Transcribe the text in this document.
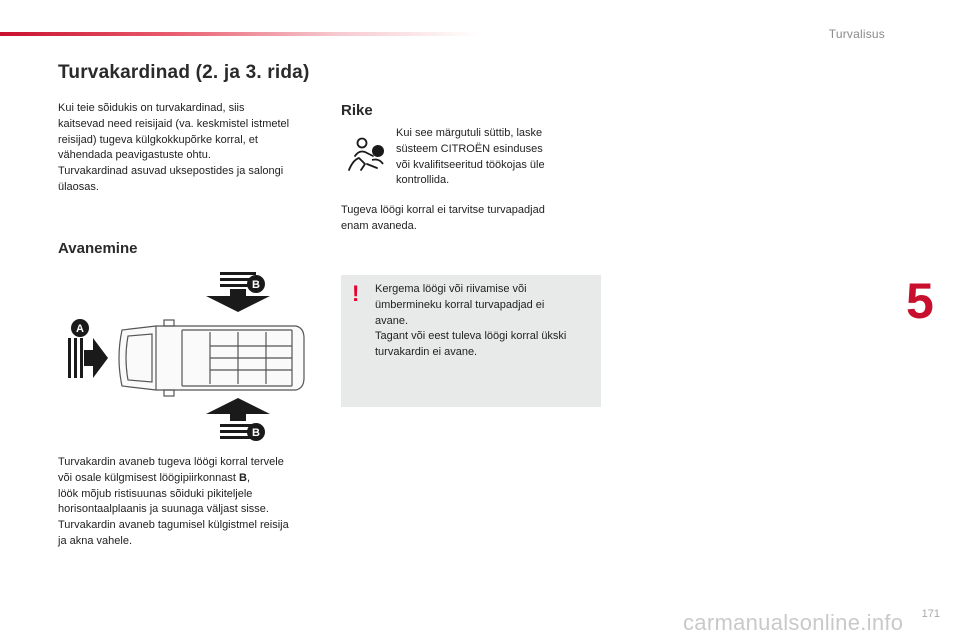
Turvalisus
Turvakardinad (2. ja 3. rida)
Kui teie sõidukis on turvakardinad, siis
kaitsevad need reisijaid (va. keskmistel istmetel
reisijad) tugeva külgkokkupõrke korral, et
vähendada peavigastuste ohtu.
Turvakardinad asuvad uksepostides ja salongi
ülaosas.
Avanemine
B
A
B
Turvakardin avaneb tugeva löögi korral tervele
või osale külgmisest löögipiirkonnast B,
löök mõjub ristisuunas sõiduki pikiteljele
horisontaalplaanis ja suunaga väljast sisse.
Turvakardin avaneb tagumisel külgistmel reisija
ja akna vahele.
Rike
Kui see märgutuli süttib, laske
süsteem CITROËN esinduses
või kvalifitseeritud töökojas üle
kontrollida.
Tugeva löögi korral ei tarvitse turvapadjad
enam avaneda.
! Kergema löögi või riivamise või
ümbermineku korral turvapadjad ei
avane.
Tagant või eest tuleva löögi korral ükski
turvakardin ei avane.
5
carmanualsonline.info	171
